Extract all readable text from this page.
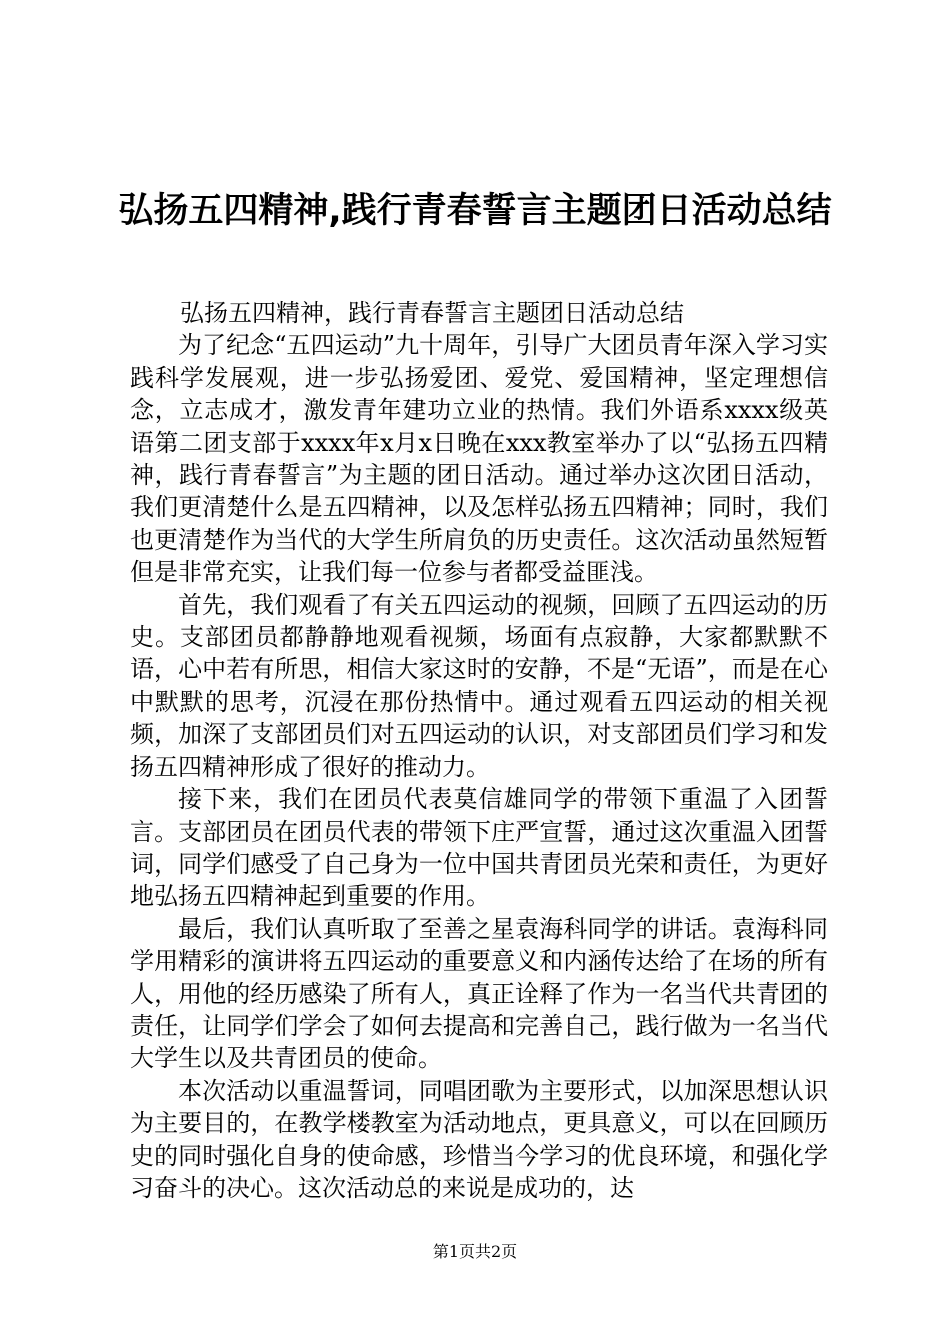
弘扬五四精神,践行青春誓言主题团日活动总结

弘扬五四精神，践行青春誓言主题团日活动总结

为了纪念“五四运动”九十周年，引导广大团员青年深入学习实践科学发展观，进一步弘扬爱团、爱党、爱国精神，坚定理想信念，立志成才，激发青年建功立业的热情。我们外语系xxxx级英语第二团支部于xxxx年x月x日晚在xxx教室举办了以“弘扬五四精神，践行青春誓言”为主题的团日活动。通过举办这次团日活动，我们更清楚什么是五四精神，以及怎样弘扬五四精神；同时，我们也更清楚作为当代的大学生所肩负的历史责任。这次活动虽然短暂但是非常充实，让我们每一位参与者都受益匪浅。

首先，我们观看了有关五四运动的视频，回顾了五四运动的历史。支部团员都静静地观看视频，场面有点寂静，大家都默默不语，心中若有所思，相信大家这时的安静，不是“无语”，而是在心中默默的思考，沉浸在那份热情中。通过观看五四运动的相关视频，加深了支部团员们对五四运动的认识，对支部团员们学习和发扬五四精神形成了很好的推动力。

接下来，我们在团员代表莫信雄同学的带领下重温了入团誓言。支部团员在团员代表的带领下庄严宣誓，通过这次重温入团誓词，同学们感受了自己身为一位中国共青团员光荣和责任，为更好地弘扬五四精神起到重要的作用。

最后，我们认真听取了至善之星袁海科同学的讲话。袁海科同学用精彩的演讲将五四运动的重要意义和内涵传达给了在场的所有人，用他的经历感染了所有人，真正诠释了作为一名当代共青团的责任，让同学们学会了如何去提高和完善自己，践行做为一名当代大学生以及共青团员的使命。

本次活动以重温誓词，同唱团歌为主要形式，以加深思想认识为主要目的，在教学楼教室为活动地点，更具意义，可以在回顾历史的同时强化自身的使命感，珍惜当今学习的优良环境，和强化学习奋斗的决心。这次活动总的来说是成功的，达

第1页共2页
